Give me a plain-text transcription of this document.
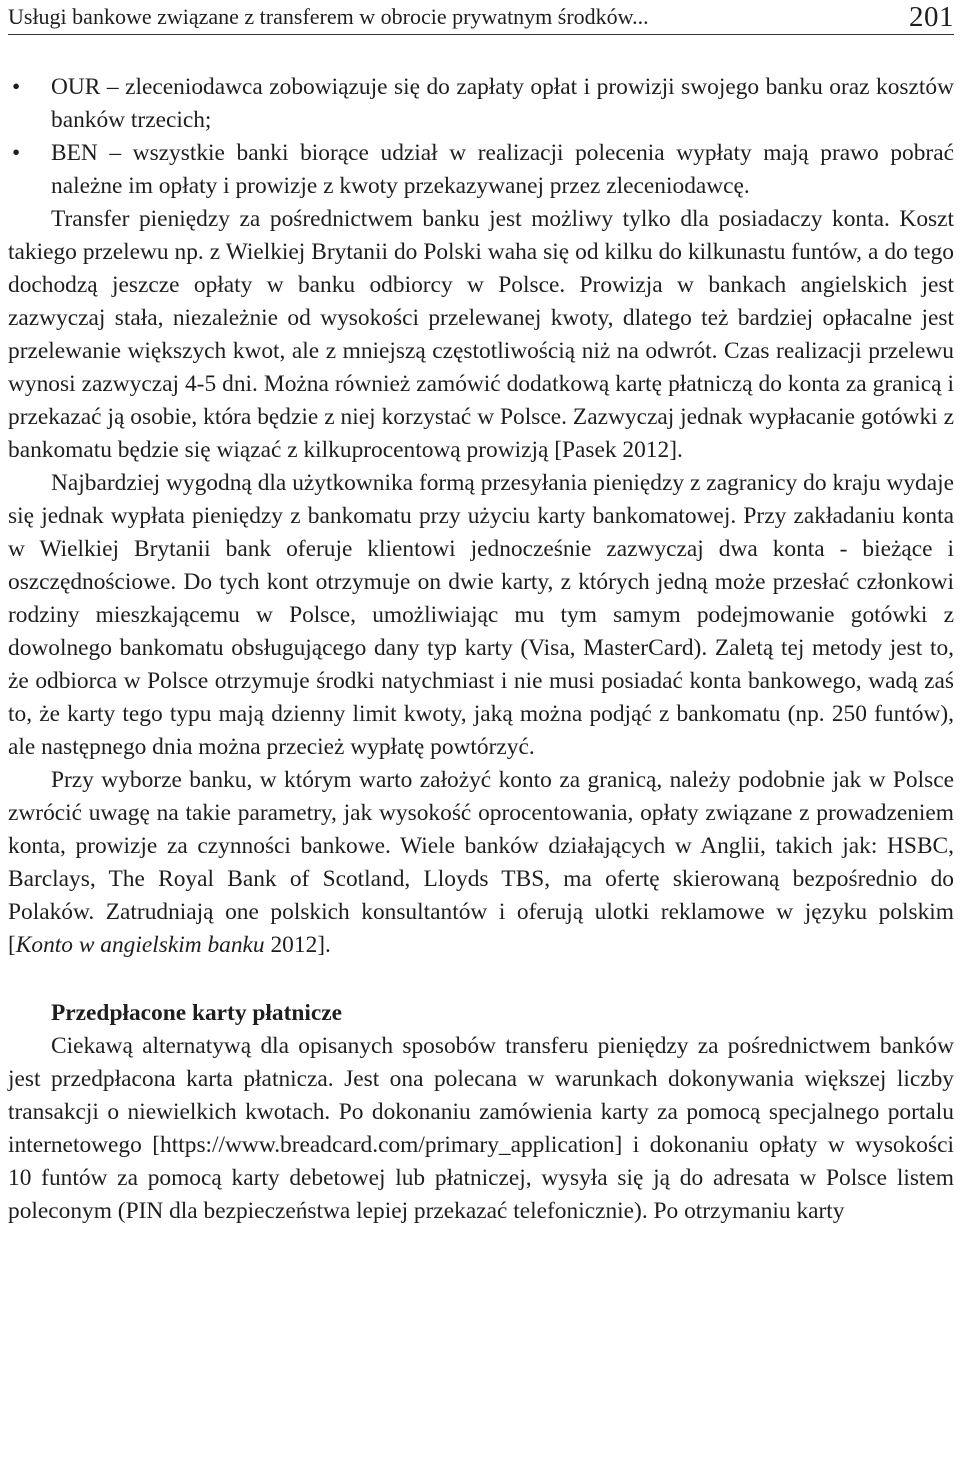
Usługi bankowe związane z transferem w obrocie prywatnym środków...	201
• OUR – zleceniodawca zobowiązuje się do zapłaty opłat i prowizji swojego banku oraz kosztów banków trzecich;
• BEN – wszystkie banki biorące udział w realizacji polecenia wypłaty mają prawo pobrać należne im opłaty i prowizje z kwoty przekazywanej przez zleceniodawcę.

Transfer pieniędzy za pośrednictwem banku jest możliwy tylko dla posiadaczy konta. Koszt takiego przelewu np. z Wielkiej Brytanii do Polski waha się od kilku do kilkunastu funtów, a do tego dochodzą jeszcze opłaty w banku odbiorcy w Polsce. Prowizja w bankach angielskich jest zazwyczaj stała, niezależnie od wysokości przelewanej kwoty, dlatego też bardziej opłacalne jest przelewanie większych kwot, ale z mniejszą częstotliwością niż na odwrót. Czas realizacji przelewu wynosi zazwyczaj 4-5 dni. Można również zamówić dodatkową kartę płatniczą do konta za granicą i przekazać ją osobie, która będzie z niej korzystać w Polsce. Zazwyczaj jednak wypłacanie gotówki z bankomatu będzie się wiązać z kilkuprocentową prowizją [Pasek 2012].

Najbardziej wygodną dla użytkownika formą przesyłania pieniędzy z zagranicy do kraju wydaje się jednak wypłata pieniędzy z bankomatu przy użyciu karty bankomatowej. Przy zakładaniu konta w Wielkiej Brytanii bank oferuje klientowi jednocześnie zazwyczaj dwa konta - bieżące i oszczędnościowe. Do tych kont otrzymuje on dwie karty, z których jedną może przesłać członkowi rodziny mieszkającemu w Polsce, umożliwiając mu tym samym podejmowanie gotówki z dowolnego bankomatu obsługującego dany typ karty (Visa, MasterCard). Zaletą tej metody jest to, że odbiorca w Polsce otrzymuje środki natychmiast i nie musi posiadać konta bankowego, wadą zaś to, że karty tego typu mają dzienny limit kwoty, jaką można podjąć z bankomatu (np. 250 funtów), ale następnego dnia można przecież wypłatę powtórzyć.

Przy wyborze banku, w którym warto założyć konto za granicą, należy podobnie jak w Polsce zwrócić uwagę na takie parametry, jak wysokość oprocentowania, opłaty związane z prowadzeniem konta, prowizje za czynności bankowe. Wiele banków działających w Anglii, takich jak: HSBC, Barclays, The Royal Bank of Scotland, Lloyds TBS, ma ofertę skierowaną bezpośrednio do Polaków. Zatrudniają one polskich konsultantów i oferują ulotki reklamowe w języku polskim [Konto w angielskim banku 2012].

Przedpłacone karty płatnicze

Ciekawą alternatywą dla opisanych sposobów transferu pieniędzy za pośrednictwem banków jest przedpłacona karta płatnicza. Jest ona polecana w warunkach dokonywania większej liczby transakcji o niewielkich kwotach. Po dokonaniu zamówienia karty za pomocą specjalnego portalu internetowego [https://www.breadcard.com/primary_application] i dokonaniu opłaty w wysokości 10 funtów za pomocą karty debetowej lub płatniczej, wysyła się ją do adresata w Polsce listem poleconym (PIN dla bezpieczeństwa lepiej przekazać telefonicznie). Po otrzymaniu karty
